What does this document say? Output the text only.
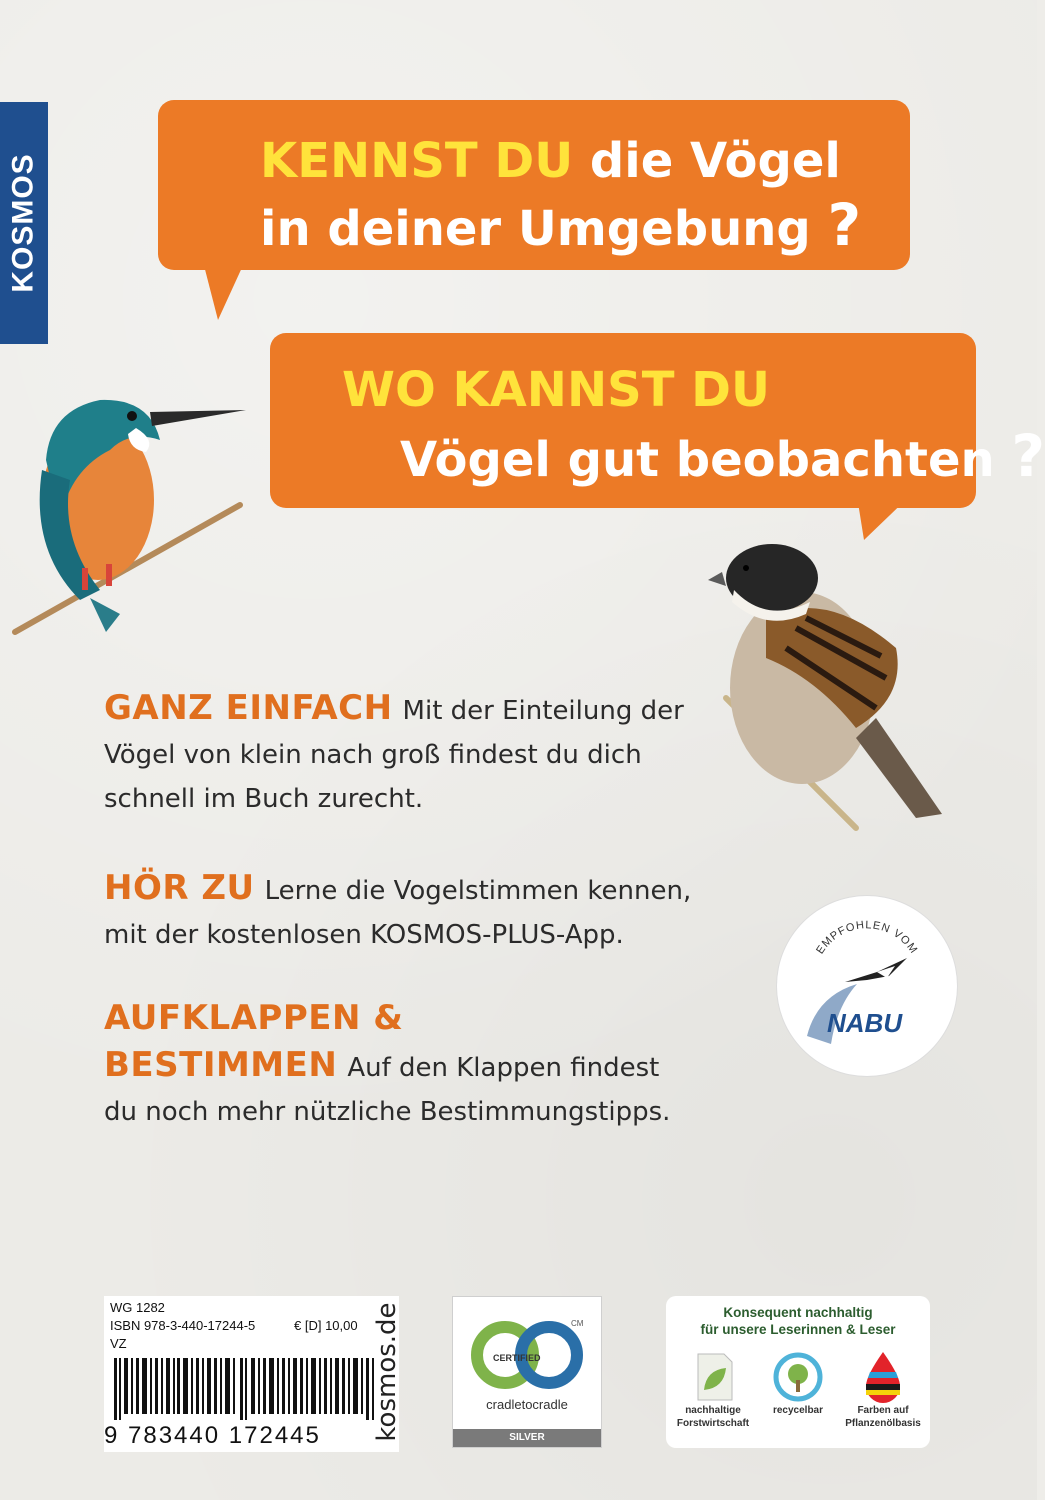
KOSMOS	KENNST DU die Vögel
in deiner Umgebung ?
WO KANNST DU
Vögel gut beobachten ?
GANZ EINFACH Mit der Einteilung der Vögel von klein nach groß findest du dich schnell im Buch zurecht.
HÖR ZU Lerne die Vogelstimmen kennen, mit der kostenlosen KOSMOS-PLUS-App.
AUFKLAPPEN & BESTIMMEN Auf den Klappen findest du noch mehr nützliche Bestimmungstipps.
EMPFOHLEN VOM
NABU
WG 1282
ISBN 978-3-440-17244-5	€ [D] 10,00
VZ
9 783440 172445	kosmos.de	CM
CERTIFIED
cradletocradle
SILVER
Konsequent nachhaltig
für unsere Leserinnen & Leser
nachhaltige Forstwirtschaft
recycelbar	Farben auf Pflanzenölbasis
